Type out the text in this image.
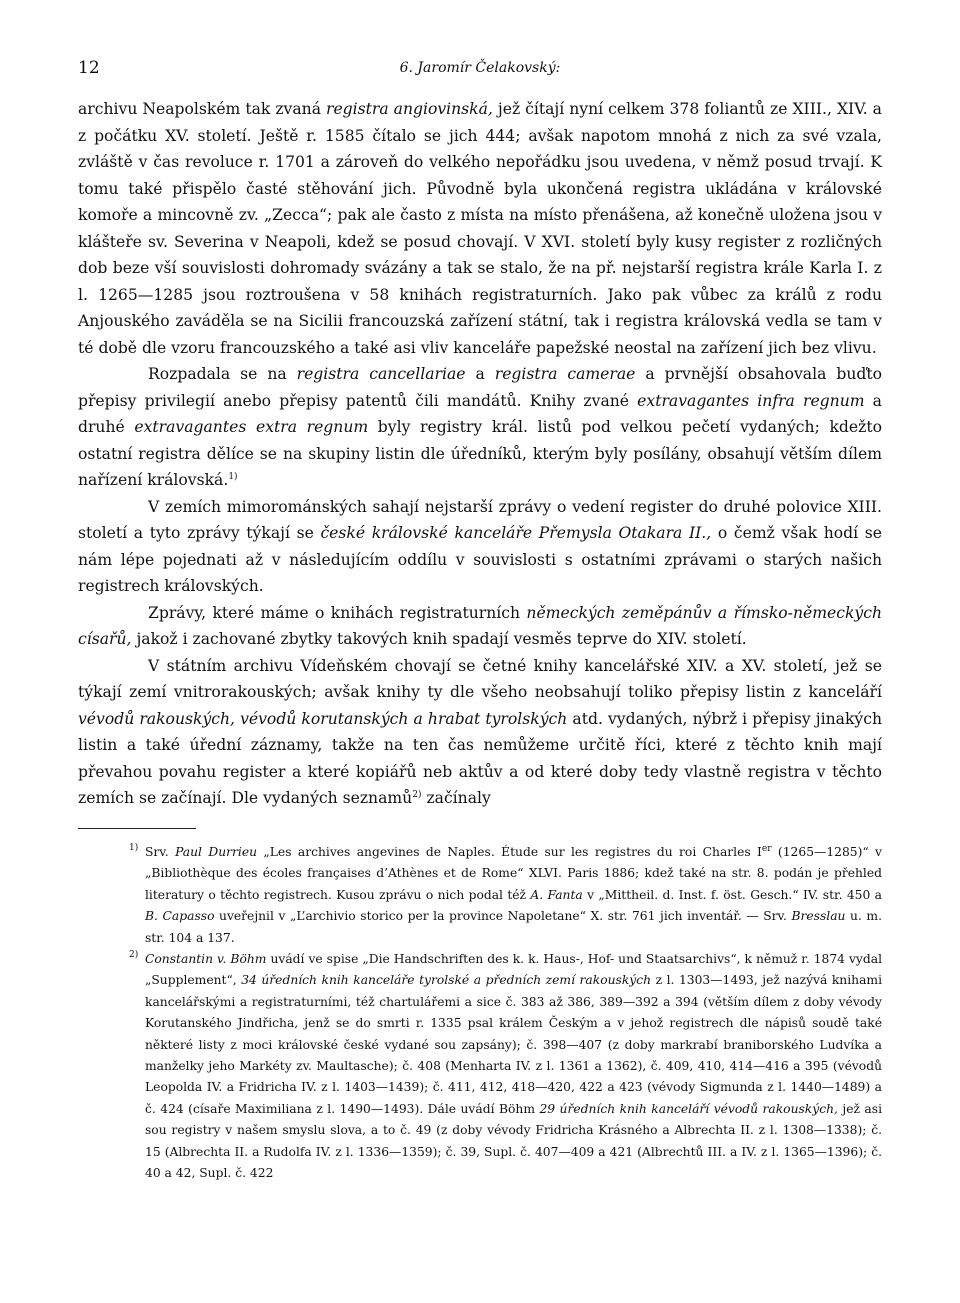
12	6. Jaromír Čelakovský:

archivu Neapolském tak zvaná registra angiovinská, jež čítají nyní celkem 378 foliantů ze XIII., XIV. a z počátku XV. století. Ještě r. 1585 čítalo se jich 444; avšak napotom mnohá z nich za své vzala, zvláště v čas revoluce r. 1701 a zároveň do velkého nepořádku jsou uvedena, v němž posud trvají. K tomu také přispělo časté stěhování jich. Původně byla ukončená registra ukládána v královské komoře a mincovně zv. „Zecca“; pak ale často z místa na místo přenášena, až konečně uložena jsou v klášteře sv. Severina v Neapoli, kdež se posud chovají. V XVI. století byly kusy register z rozličných dob beze vší souvislosti dohromady svázány a tak se stalo, že na př. nejstarší registra krále Karla I. z l. 1265—1285 jsou roztroušena v 58 knihách registraturních. Jako pak vůbec za králů z rodu Anjouského zaváděla se na Sicilii francouzská zařízení státní, tak i registra královská vedla se tam v té době dle vzoru francouzského a také asi vliv kanceláře papežské neostal na zařízení jich bez vlivu.

Rozpadala se na registra cancellariae a registra camerae a prvnější obsahovala buďto přepisy privilegií anebo přepisy patentů čili mandátů. Knihy zvané extravagantes infra regnum a druhé extravagantes extra regnum byly registry král. listů pod velkou pečetí vydaných; kdežto ostatní registra dělíce se na skupiny listin dle úředníků, kterým byly posílány, obsahují větším dílem nařízení královská.$^{1)}$

V zemích mimorománských sahají nejstarší zprávy o vedení register do druhé polovice XIII. století a tyto zprávy týkají se české královské kanceláře Přemysla Otakara II., o čemž však hodí se nám lépe pojednati až v následujícím oddílu v souvislosti s ostatními zprávami o starých našich registrech královských.

Zprávy, které máme o knihách registraturních německých zeměpánův a římsko-německých císařů, jakož i zachované zbytky takových knih spadají vesměs teprve do XIV. století.

V státním archivu Vídeňském chovají se četné knihy kancelářské XIV. a XV. století, jež se týkají zemí vnitrorakouských; avšak knihy ty dle všeho neobsahují toliko přepisy listin z kanceláří vévodů rakouských, vévodů korutanských a hrabat tyrolských atd. vydaných, nýbrž i přepisy jinakých listin a také úřední záznamy, takže na ten čas nemůžeme určitě říci, které z těchto knih mají převahou povahu register a které kopiářů neb aktův a od které doby tedy vlastně registra v těchto zemích se začínají. Dle vydaných seznamů$^{2)}$ začínaly

1) Srv. Paul Durrieu „Les archives angevines de Naples. Étude sur les registres du roi Charles Ier (1265—1285)“ v „Bibliothèque des écoles françaises d’Athènes et de Rome“ XLVI. Paris 1886; kdež také na str. 8. podán je přehled literatury o těchto registrech. Kusou zprávu o nich podal též A. Fanta v „Mittheil. d. Inst. f. öst. Gesch.“ IV. str. 450 a B. Capasso uveřejnil v „L’archivio storico per la province Napoletane“ X. str. 761 jich inventář. — Srv. Bresslau u. m. str. 104 a 137.

2) Constantin v. Böhm uvádí ve spise „Die Handschriften des k. k. Haus-, Hof- und Staatsarchivs“, k němuž r. 1874 vydal „Supplement“, 34 úředních knih kanceláře tyrolské a předních zemí rakouských z l. 1303—1493, jež nazývá knihami kancelářskými a registraturními, též chartulářemi a sice č. 383 až 386, 389—392 a 394 (větším dílem z doby vévody Korutanského Jindřicha, jenž se do smrti r. 1335 psal králem Českým a v jehož registrech dle nápisů soudě také některé listy z moci královské české vydané sou zapsány); č. 398—407 (z doby markrabí braniborského Ludvíka a manželky jeho Markéty zv. Maultasche); č. 408 (Menharta IV. z l. 1361 a 1362), č. 409, 410, 414—416 a 395 (vévodů Leopolda IV. a Fridricha IV. z l. 1403—1439); č. 411, 412, 418—420, 422 a 423 (vévody Sigmunda z l. 1440—1489) a č. 424 (císaře Maximiliana z l. 1490—1493). Dále uvádí Böhm 29 úředních knih kanceláří vévodů rakouských, jež asi sou registry v našem smyslu slova, a to č. 49 (z doby vévody Fridricha Krásného a Albrechta II. z l. 1308—1338); č. 15 (Albrechta II. a Rudolfa IV. z l. 1336—1359); č. 39, Supl. č. 407—409 a 421 (Albrechtů III. a IV. z l. 1365—1396); č. 40 a 42, Supl. č. 422
